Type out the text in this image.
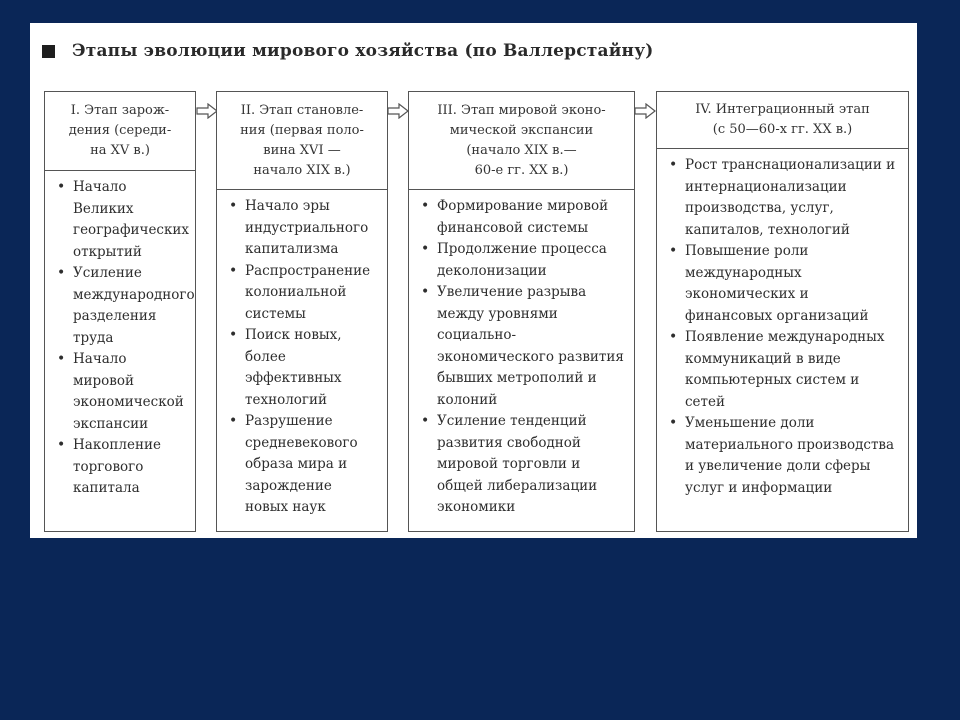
Этапы эволюции мирового хозяйства (по Валлерстайну)
I. Этап зарож-
дения (середи-
на XV в.)
• Начало Великих географических открытий
• Усиление международного разделения труда
• Начало мировой экономической экспансии
• Накопление торгового капитала
II. Этап становле-
ния (первая поло-
вина XVI —
начало XIX в.)
• Начало эры индустриального капитализма
• Распространение колониальной системы
• Поиск новых, более эффективных технологий
• Разрушение средневекового образа мира и зарождение новых наук
III. Этап мировой эконо-
мической экспансии
(начало XIX в.—
60-е гг. XX в.)
• Формирование мировой финансовой системы
• Продолжение процесса деколонизации
• Увеличение разрыва между уровнями социально-экономического развития бывших метрополий и колоний
• Усиление тенденций развития свободной мировой торговли и общей либерализации экономики
IV. Интеграционный этап
(с 50—60-х гг. XX в.)
• Рост транснационализации и интернационализации производства, услуг, капиталов, технологий
• Повышение роли международных экономических и финансовых организаций
• Появление международных коммуникаций в виде компьютерных систем и сетей
• Уменьшение доли материального производства и увеличение доли сферы услуг и информации
